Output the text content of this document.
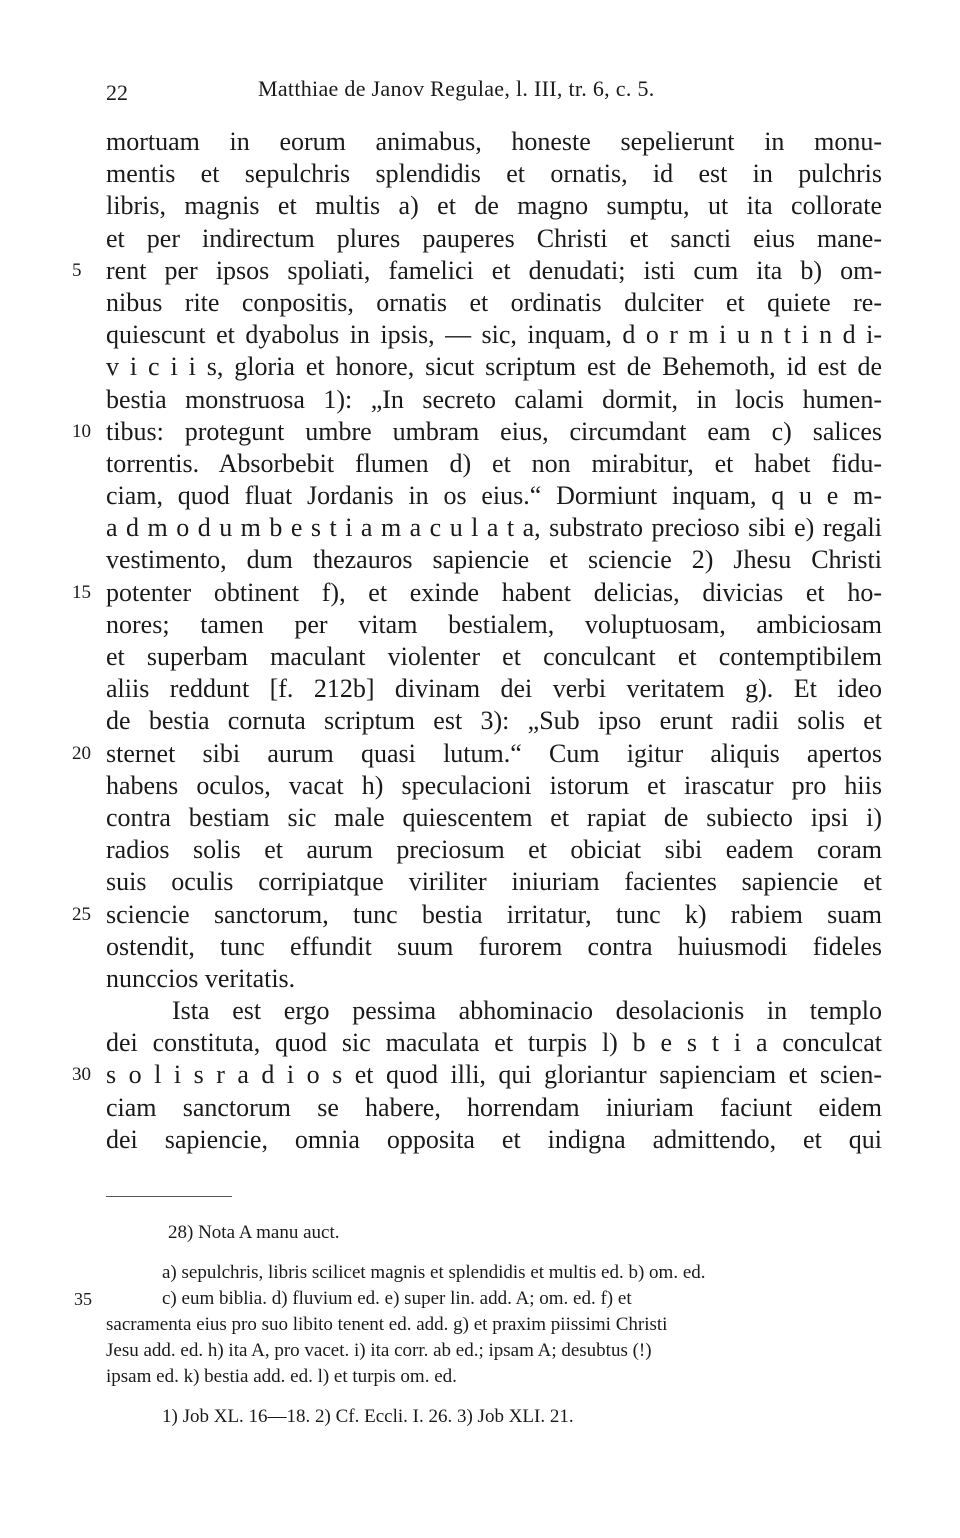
22	Matthiae de Janov Regulae, l. III, tr. 6, c. 5.
mortuam in eorum animabus, honeste sepelierunt in monu-
mentis et sepulchris splendidis et ornatis, id est in pulchris
libris, magnis et multis a) et de magno sumptu, ut ita collorate
et per indirectum plures pauperes Christi et sancti eius mane-
5 rent per ipsos spoliati, famelici et denudati; isti cum ita b) om-
nibus rite conpositis, ornatis et ordinatis dulciter et quiete re-
quiescunt et dyabolus in ipsis, — sic, inquam, d o r m i u n t i n d i-
v i c i i s, gloria et honore, sicut scriptum est de Behemoth, id est de
bestia monstruosa 1): „In secreto calami dormit, in locis humen-
10 tibus: protegunt umbre umbram eius, circumdant eam c) salices
torrentis. Absorbebit flumen d) et non mirabitur, et habet fidu-
ciam, quod fluat Jordanis in os eius.“ Dormiunt inquam, q u e m-
a d m o d u m b e s t i a m a c u l a t a, substrato precioso sibi e) regali
vestimento, dum thezauros sapiencie et sciencie 2) Jhesu Christi
15 potenter obtinent f), et exinde habent delicias, divicias et ho-
nores; tamen per vitam bestialem, voluptuosam, ambiciosam
et superbam maculant violenter et conculcant et contemptibilem
aliis reddunt [f. 212b] divinam dei verbi veritatem g). Et ideo
de bestia cornuta scriptum est 3): „Sub ipso erunt radii solis et
20 sternet sibi aurum quasi lutum.“ Cum igitur aliquis apertos
habens oculos, vacat h) speculacioni istorum et irascatur pro hiis
contra bestiam sic male quiescentem et rapiat de subiecto ipsi i)
radios solis et aurum preciosum et obiciat sibi eadem coram
suis oculis corripiatque viriliter iniuriam facientes sapiencie et
25 sciencie sanctorum, tunc bestia irritatur, tunc k) rabiem suam
ostendit, tunc effundit suum furorem contra huiusmodi fideles
nunccios veritatis.
Ista est ergo pessima abhominacio desolacionis in templo
dei constituta, quod sic maculata et turpis l) b e s t i a conculcat
30 s o l i s r a d i o s et quod illi, qui gloriantur sapienciam et scien-
ciam sanctorum se habere, horrendam iniuriam faciunt eidem
dei sapiencie, omnia opposita et indigna admittendo, et qui
28) Nota A manu auct.
a) sepulchris, libris scilicet magnis et splendidis et multis ed. b) om. ed.
35	c) eum biblia. d) fluvium ed. e) super lin. add. A; om. ed. f) et
sacramenta eius pro suo libito tenent ed. add. g) et praxim piissimi Christi
Jesu add. ed. h) ita A, pro vacet. i) ita corr. ab ed.; ipsam A; desubtus (!)
ipsam ed. k) bestia add. ed. l) et turpis om. ed.
1) Job XL. 16—18. 2) Cf. Eccli. I. 26. 3) Job XLI. 21.
